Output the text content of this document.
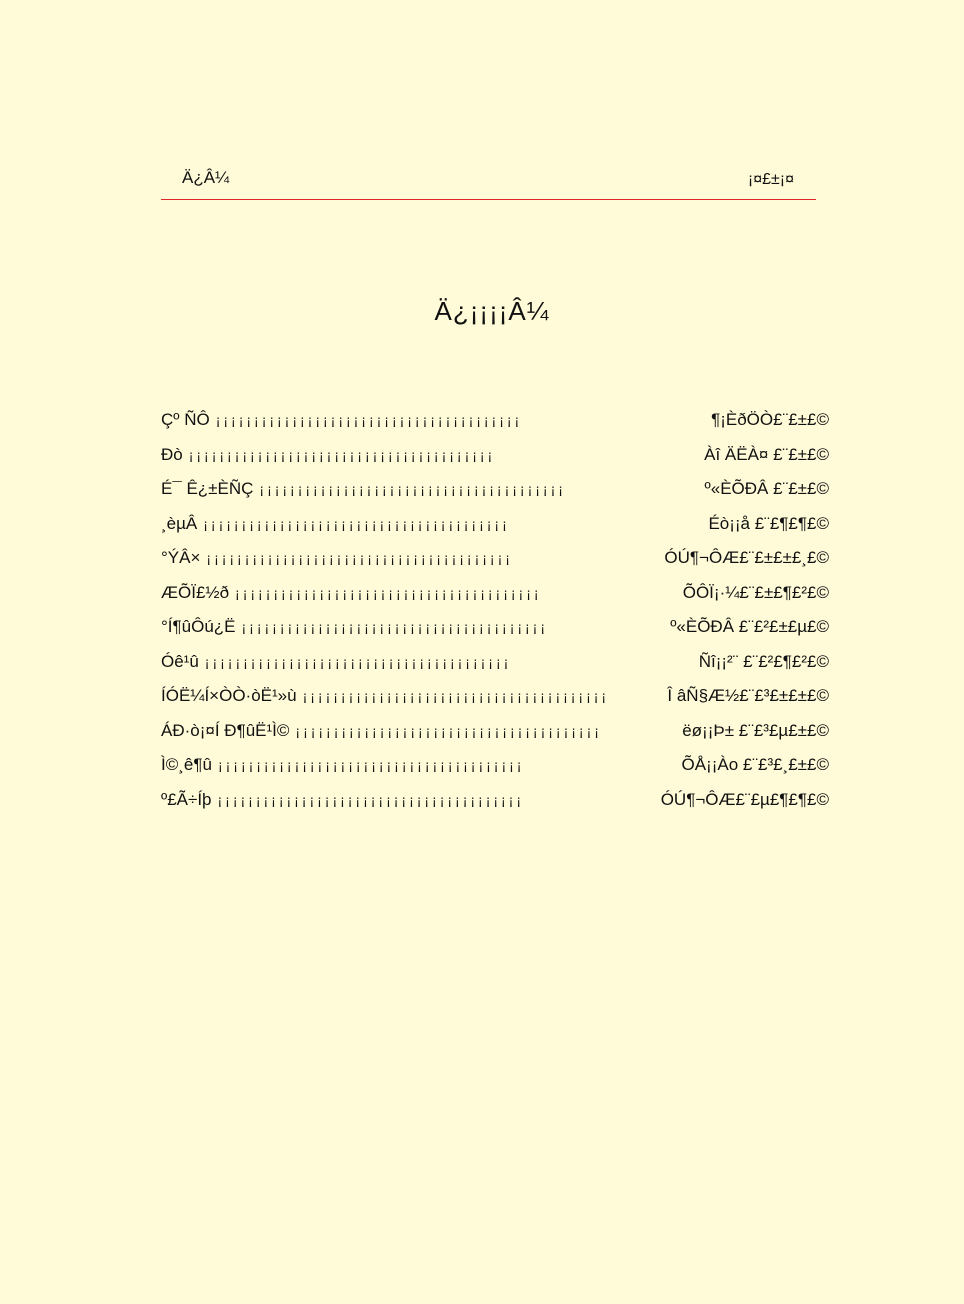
Ä¿Â¼	¡¤£±¡¤
Ä¿¡¡¡¡Â¼
Çº ÑÔ ¡¡¡¡¡¡¡¡¡¡¡¡¡¡¡¡¡¡¡¡¡¡¡¡¡¡¡¡¡¡¡¡¡¡¡¡¡¡¡¡	¶¡ÈðÖÒ£¨£±£©
Ðò ¡¡¡¡¡¡¡¡¡¡¡¡¡¡¡¡¡¡¡¡¡¡¡¡¡¡¡¡¡¡¡¡¡¡¡¡¡¡¡¡	Àî ÄËÀ¤ £¨£±£©
É¯ Ê¿±ÈÑÇ ¡¡¡¡¡¡¡¡¡¡¡¡¡¡¡¡¡¡¡¡¡¡¡¡¡¡¡¡¡¡¡¡¡¡¡¡¡¡¡¡	º«ÈÕÐÂ £¨£±£©
¸èµÂ ¡¡¡¡¡¡¡¡¡¡¡¡¡¡¡¡¡¡¡¡¡¡¡¡¡¡¡¡¡¡¡¡¡¡¡¡¡¡¡¡	Éò¡¡å £¨£¶£¶£©
°ÝÂ× ¡¡¡¡¡¡¡¡¡¡¡¡¡¡¡¡¡¡¡¡¡¡¡¡¡¡¡¡¡¡¡¡¡¡¡¡¡¡¡¡	ÓÚ¶¬ÔÆ£¨£±£±£¸£©
ÆÕÏ£½ð ¡¡¡¡¡¡¡¡¡¡¡¡¡¡¡¡¡¡¡¡¡¡¡¡¡¡¡¡¡¡¡¡¡¡¡¡¡¡¡¡	ÕÔÏ¡·¼£¨£±£¶£²£©
°Í¶ûÔú¿Ë ¡¡¡¡¡¡¡¡¡¡¡¡¡¡¡¡¡¡¡¡¡¡¡¡¡¡¡¡¡¡¡¡¡¡¡¡¡¡¡¡	º«ÈÕÐÂ £¨£²£±£µ£©
Óê¹û ¡¡¡¡¡¡¡¡¡¡¡¡¡¡¡¡¡¡¡¡¡¡¡¡¡¡¡¡¡¡¡¡¡¡¡¡¡¡¡¡	Ñî¡¡²¨ £¨£²£¶£²£©
ÍÓË¼Í×ÒÒ·òË¹»ù ¡¡¡¡¡¡¡¡¡¡¡¡¡¡¡¡¡¡¡¡¡¡¡¡¡¡¡¡¡¡¡¡¡¡¡¡¡¡¡¡	Î âÑ§Æ½£¨£³£±£±£©
ÁÐ·ò¡¤Í Ð¶ûË¹Ì© ¡¡¡¡¡¡¡¡¡¡¡¡¡¡¡¡¡¡¡¡¡¡¡¡¡¡¡¡¡¡¡¡¡¡¡¡¡¡¡¡	ëø¡¡Þ± £¨£³£µ£±£©
Ì©¸ê¶û ¡¡¡¡¡¡¡¡¡¡¡¡¡¡¡¡¡¡¡¡¡¡¡¡¡¡¡¡¡¡¡¡¡¡¡¡¡¡¡¡	ÕÅ¡¡Ào £¨£³£¸£±£©
º£Ã÷Íþ ¡¡¡¡¡¡¡¡¡¡¡¡¡¡¡¡¡¡¡¡¡¡¡¡¡¡¡¡¡¡¡¡¡¡¡¡¡¡¡¡	ÓÚ¶¬ÔÆ£¨£µ£¶£¶£©
